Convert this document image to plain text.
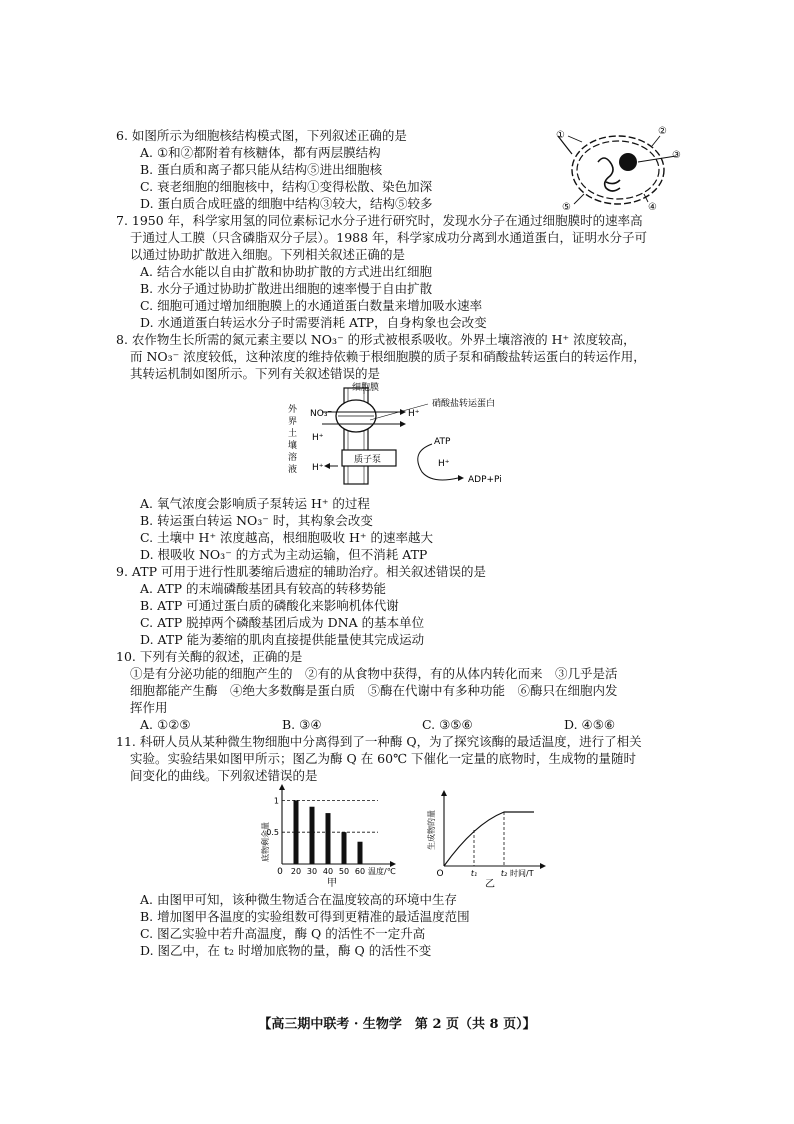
6. 如图所示为细胞核结构模式图，下列叙述正确的是
A. ①和②都附着有核糖体，都有两层膜结构
B. 蛋白质和离子都只能从结构⑤进出细胞核
C. 衰老细胞的细胞核中，结构①变得松散、染色加深
D. 蛋白质合成旺盛的细胞中结构③较大，结构⑤较多
①	②
③
④
⑤
7. 1950 年，科学家用氢的同位素标记水分子进行研究时，发现水分子在通过细胞膜时的速率高
于通过人工膜（只含磷脂双分子层）。1988 年，科学家成功分离到水通道蛋白，证明水分子可
以通过协助扩散进入细胞。下列相关叙述正确的是
A. 结合水能以自由扩散和协助扩散的方式进出红细胞
B. 水分子通过协助扩散进出细胞的速率慢于自由扩散
C. 细胞可通过增加细胞膜上的水通道蛋白数量来增加吸水速率
D. 水通道蛋白转运水分子时需要消耗 ATP，自身构象也会改变
8. 农作物生长所需的氮元素主要以 NO₃⁻ 的形式被根系吸收。外界土壤溶液的 H⁺ 浓度较高，
而 NO₃⁻ 浓度较低，这种浓度的维持依赖于根细胞膜的质子泵和硝酸盐转运蛋白的转运作用，
其转运机制如图所示。下列有关叙述错误的是
细胞膜
硝酸盐转运蛋白
外
界
土
壤
溶
液
NO₃⁻
H⁺
H⁺
H⁺
质子泵
ATP
H⁺
ADP+Pi
A. 氧气浓度会影响质子泵转运 H⁺ 的过程
B. 转运蛋白转运 NO₃⁻ 时，其构象会改变
C. 土壤中 H⁺ 浓度越高，根细胞吸收 H⁺ 的速率越大
D. 根吸收 NO₃⁻ 的方式为主动运输，但不消耗 ATP
9. ATP 可用于进行性肌萎缩后遗症的辅助治疗。相关叙述错误的是
A. ATP 的末端磷酸基团具有较高的转移势能
B. ATP 可通过蛋白质的磷酸化来影响机体代谢
C. ATP 脱掉两个磷酸基团后成为 DNA 的基本单位
D. ATP 能为萎缩的肌肉直接提供能量使其完成运动
10. 下列有关酶的叙述，正确的是
①是有分泌功能的细胞产生的　②有的从食物中获得，有的从体内转化而来　③几乎是活
细胞都能产生酶　④绝大多数酶是蛋白质　⑤酶在代谢中有多种功能　⑥酶只在细胞内发
挥作用
A. ①②⑤	B. ③④	C. ③⑤⑥	D. ④⑤⑥
11. 科研人员从某种微生物细胞中分离得到了一种酶 Q，为了探究该酶的最适温度，进行了相关
实验。实验结果如图甲所示；图乙为酶 Q 在 60℃ 下催化一定量的底物时，生成物的量随时
间变化的曲线。下列叙述错误的是
20 30 40 50 60
1
0.5
0	温度/℃
底物剩余量
甲
t₁	t₂
O	时间/T
生成物的量
乙
A. 由图甲可知，该种微生物适合在温度较高的环境中生存
B. 增加图甲各温度的实验组数可得到更精准的最适温度范围
C. 图乙实验中若升高温度，酶 Q 的活性不一定升高
D. 图乙中，在 t₂ 时增加底物的量，酶 Q 的活性不变
【高三期中联考 · 生物学　第 2 页（共 8 页）】
